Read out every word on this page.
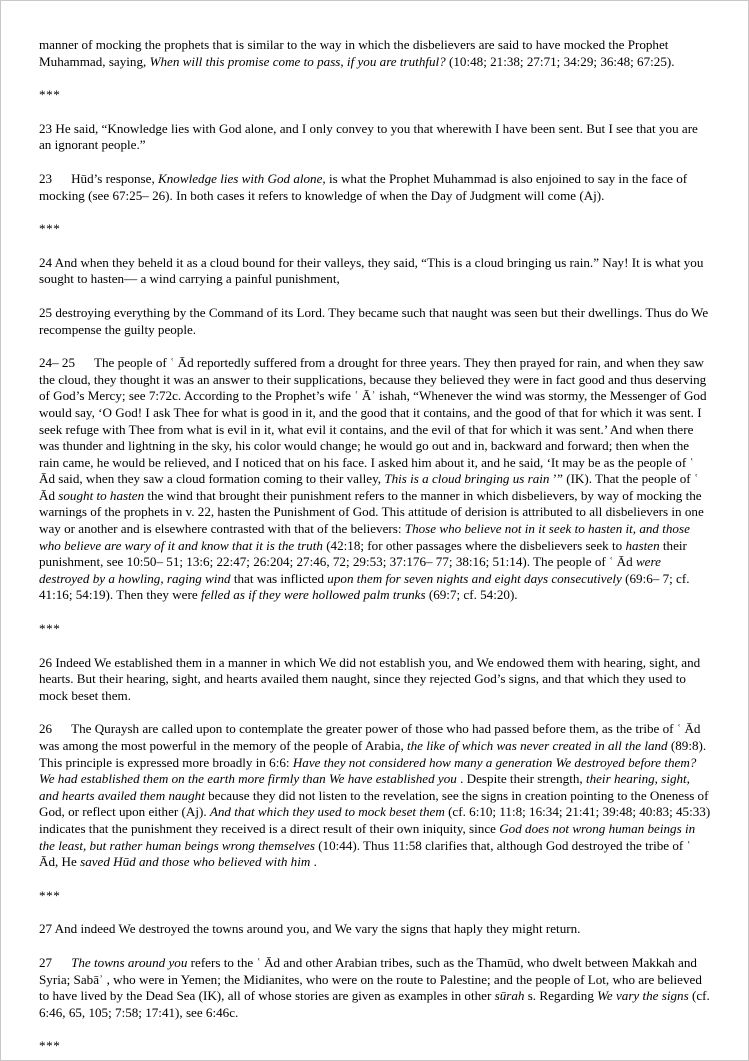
manner of mocking the prophets that is similar to the way in which the disbelievers are said to have mocked the Prophet Muhammad, saying, When will this promise come to pass, if you are truthful? (10:48; 21:38; 27:71; 34:29; 36:48; 67:25).

***

23 He said, “Knowledge lies with God alone, and I only convey to you that wherewith I have been sent. But I see that you are an ignorant people.”

23 Hūd’s response, Knowledge lies with God alone, is what the Prophet Muhammad is also enjoined to say in the face of mocking (see 67:25– 26). In both cases it refers to knowledge of when the Day of Judgment will come (Aj).

***

24 And when they beheld it as a cloud bound for their valleys, they said, “This is a cloud bringing us rain.” Nay! It is what you sought to hasten— a wind carrying a painful punishment,

25 destroying everything by the Command of its Lord. They became such that naught was seen but their dwellings. Thus do We recompense the guilty people.

24– 25 The people of ʿ Ād reportedly suffered from a drought for three years. They then prayed for rain, and when they saw the cloud, they thought it was an answer to their supplications, because they believed they were in fact good and thus deserving of God’s Mercy; see 7:72c. According to the Prophet’s wife ʿ Āʾ ishah, “Whenever the wind was stormy, the Messenger of God would say, ‘O God! I ask Thee for what is good in it, and the good that it contains, and the good of that for which it was sent. I seek refuge with Thee from what is evil in it, what evil it contains, and the evil of that for which it was sent.’ And when there was thunder and lightning in the sky, his color would change; he would go out and in, backward and forward; then when the rain came, he would be relieved, and I noticed that on his face. I asked him about it, and he said, ‘It may be as the people of ʿ Ād said, when they saw a cloud formation coming to their valley, This is a cloud bringing us rain ’” (IK). That the people of ʿ Ād sought to hasten the wind that brought their punishment refers to the manner in which disbelievers, by way of mocking the warnings of the prophets in v. 22, hasten the Punishment of God. This attitude of derision is attributed to all disbelievers in one way or another and is elsewhere contrasted with that of the believers: Those who believe not in it seek to hasten it, and those who believe are wary of it and know that it is the truth (42:18; for other passages where the disbelievers seek to hasten their punishment, see 10:50– 51; 13:6; 22:47; 26:204; 27:46, 72; 29:53; 37:176– 77; 38:16; 51:14). The people of ʿ Ād were destroyed by a howling, raging wind that was inflicted upon them for seven nights and eight days consecutively (69:6– 7; cf. 41:16; 54:19). Then they were felled as if they were hollowed palm trunks (69:7; cf. 54:20).

***

26 Indeed We established them in a manner in which We did not establish you, and We endowed them with hearing, sight, and hearts. But their hearing, sight, and hearts availed them naught, since they rejected God’s signs, and that which they used to mock beset them.

26 The Quraysh are called upon to contemplate the greater power of those who had passed before them, as the tribe of ʿ Ād was among the most powerful in the memory of the people of Arabia, the like of which was never created in all the land (89:8). This principle is expressed more broadly in 6:6: Have they not considered how many a generation We destroyed before them? We had established them on the earth more firmly than We have established you . Despite their strength, their hearing, sight, and hearts availed them naught because they did not listen to the revelation, see the signs in creation pointing to the Oneness of God, or reflect upon either (Aj). And that which they used to mock beset them (cf. 6:10; 11:8; 16:34; 21:41; 39:48; 40:83; 45:33) indicates that the punishment they received is a direct result of their own iniquity, since God does not wrong human beings in the least, but rather human beings wrong themselves (10:44). Thus 11:58 clarifies that, although God destroyed the tribe of ʿ Ād, He saved Hūd and those who believed with him .

***

27 And indeed We destroyed the towns around you, and We vary the signs that haply they might return.

27 The towns around you refers to the ʿ Ād and other Arabian tribes, such as the Thamūd, who dwelt between Makkah and Syria; Sabāʾ , who were in Yemen; the Midianites, who were on the route to Palestine; and the people of Lot, who are believed to have lived by the Dead Sea (IK), all of whose stories are given as examples in other sūrah s. Regarding We vary the signs (cf. 6:46, 65, 105; 7:58; 17:41), see 6:46c.

***
